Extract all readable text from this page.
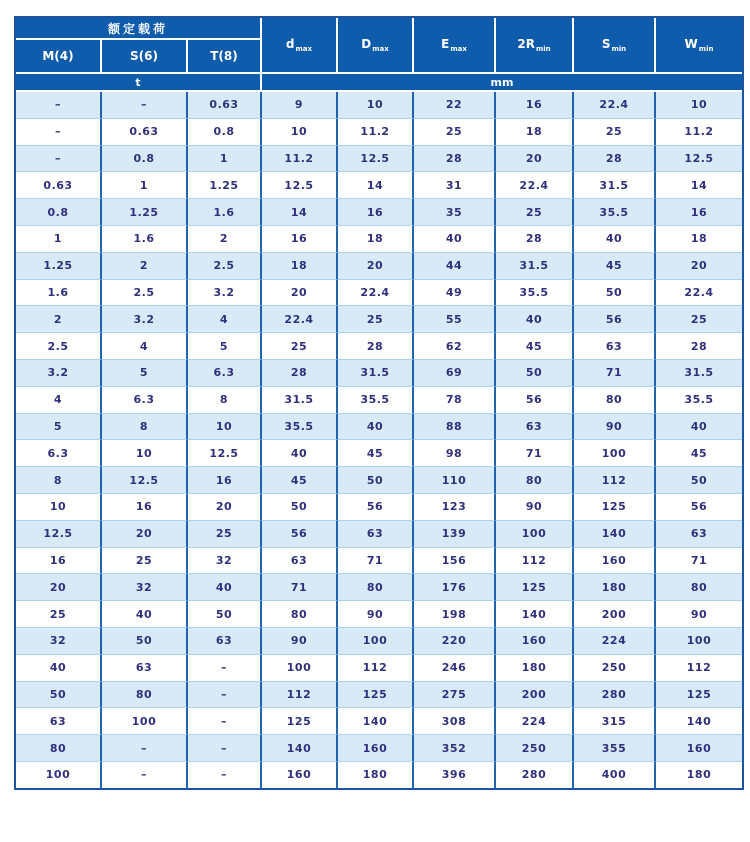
额定载荷			$d_{max}$	$D_{max}$	$E_{max}$	$2R_{min}$	$S_{min}$	$W_{min}$
M(4)	S(6)	T(8)						
t			mm					
–	–	0.63	9	10	22	16	22.4	10
–	0.63	0.8	10	11.2	25	18	25	11.2
–	0.8	1	11.2	12.5	28	20	28	12.5
0.63	1	1.25	12.5	14	31	22.4	31.5	14
0.8	1.25	1.6	14	16	35	25	35.5	16
1	1.6	2	16	18	40	28	40	18
1.25	2	2.5	18	20	44	31.5	45	20
1.6	2.5	3.2	20	22.4	49	35.5	50	22.4
2	3.2	4	22.4	25	55	40	56	25
2.5	4	5	25	28	62	45	63	28
3.2	5	6.3	28	31.5	69	50	71	31.5
4	6.3	8	31.5	35.5	78	56	80	35.5
5	8	10	35.5	40	88	63	90	40
6.3	10	12.5	40	45	98	71	100	45
8	12.5	16	45	50	110	80	112	50
10	16	20	50	56	123	90	125	56
12.5	20	25	56	63	139	100	140	63
16	25	32	63	71	156	112	160	71
20	32	40	71	80	176	125	180	80
25	40	50	80	90	198	140	200	90
32	50	63	90	100	220	160	224	100
40	63	–	100	112	246	180	250	112
50	80	–	112	125	275	200	280	125
63	100	–	125	140	308	224	315	140
80	–	–	140	160	352	250	355	160
100	–	–	160	180	396	280	400	180
